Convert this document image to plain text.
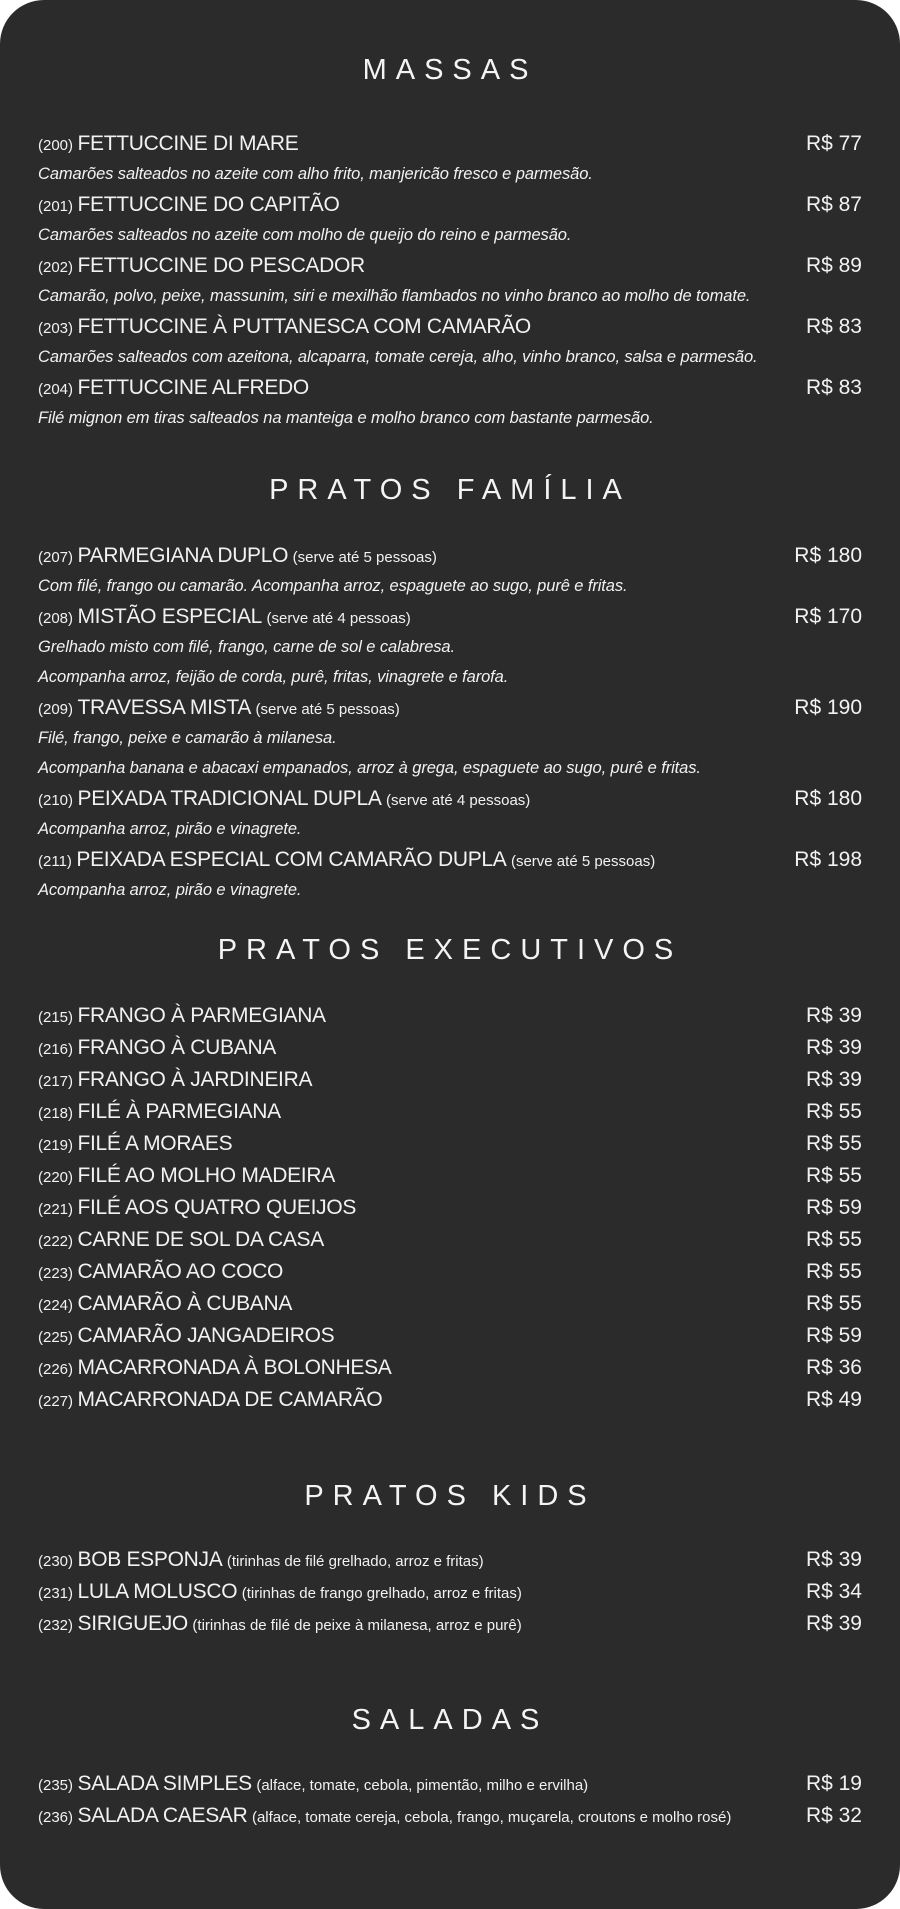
MASSAS
(200) FETTUCCINE DI MARE	R$ 77
Camarões salteados no azeite com alho frito, manjericão fresco e parmesão.
(201) FETTUCCINE DO CAPITÃO	R$ 87
Camarões salteados no azeite com molho de queijo do reino e parmesão.
(202) FETTUCCINE DO PESCADOR	R$ 89
Camarão, polvo, peixe, massunim, siri e mexilhão flambados no vinho branco ao molho de tomate.
(203) FETTUCCINE À PUTTANESCA COM CAMARÃO	R$ 83
Camarões salteados com azeitona, alcaparra, tomate cereja, alho, vinho branco, salsa e parmesão.
(204) FETTUCCINE ALFREDO	R$ 83
Filé mignon em tiras salteados na manteiga e molho branco com bastante parmesão.
PRATOS FAMÍLIA
(207) PARMEGIANA DUPLO (serve até 5 pessoas)	R$ 180
Com filé, frango ou camarão. Acompanha arroz, espaguete ao sugo, purê e fritas.
(208) MISTÃO ESPECIAL (serve até 4 pessoas)	R$ 170
Grelhado misto com filé, frango, carne de sol e calabresa.
Acompanha arroz, feijão de corda, purê, fritas, vinagrete e farofa.
(209) TRAVESSA MISTA (serve até 5 pessoas)	R$ 190
Filé, frango, peixe e camarão à milanesa.
Acompanha banana e abacaxi empanados, arroz à grega, espaguete ao sugo, purê e fritas.
(210) PEIXADA TRADICIONAL DUPLA (serve até 4 pessoas)	R$ 180
Acompanha arroz, pirão e vinagrete.
(211) PEIXADA ESPECIAL COM CAMARÃO DUPLA (serve até 5 pessoas)	R$ 198
Acompanha arroz, pirão e vinagrete.
PRATOS EXECUTIVOS
(215) FRANGO À PARMEGIANA	R$ 39
(216) FRANGO À CUBANA	R$ 39
(217) FRANGO À JARDINEIRA	R$ 39
(218) FILÉ À PARMEGIANA	R$ 55
(219) FILÉ A MORAES	R$ 55
(220) FILÉ AO MOLHO MADEIRA	R$ 55
(221) FILÉ AOS QUATRO QUEIJOS	R$ 59
(222) CARNE DE SOL DA CASA	R$ 55
(223) CAMARÃO AO COCO	R$ 55
(224) CAMARÃO À CUBANA	R$ 55
(225) CAMARÃO JANGADEIROS	R$ 59
(226) MACARRONADA À BOLONHESA	R$ 36
(227) MACARRONADA DE CAMARÃO	R$ 49
PRATOS KIDS
(230) BOB ESPONJA (tirinhas de filé grelhado, arroz e fritas)	R$ 39
(231) LULA MOLUSCO (tirinhas de frango grelhado, arroz e fritas)	R$ 34
(232) SIRIGUEJO (tirinhas de filé de peixe à milanesa, arroz e purê)	R$ 39
SALADAS
(235) SALADA SIMPLES (alface, tomate, cebola, pimentão, milho e ervilha)	R$ 19
(236) SALADA CAESAR (alface, tomate cereja, cebola, frango, muçarela, croutons e molho rosé)	R$ 32
